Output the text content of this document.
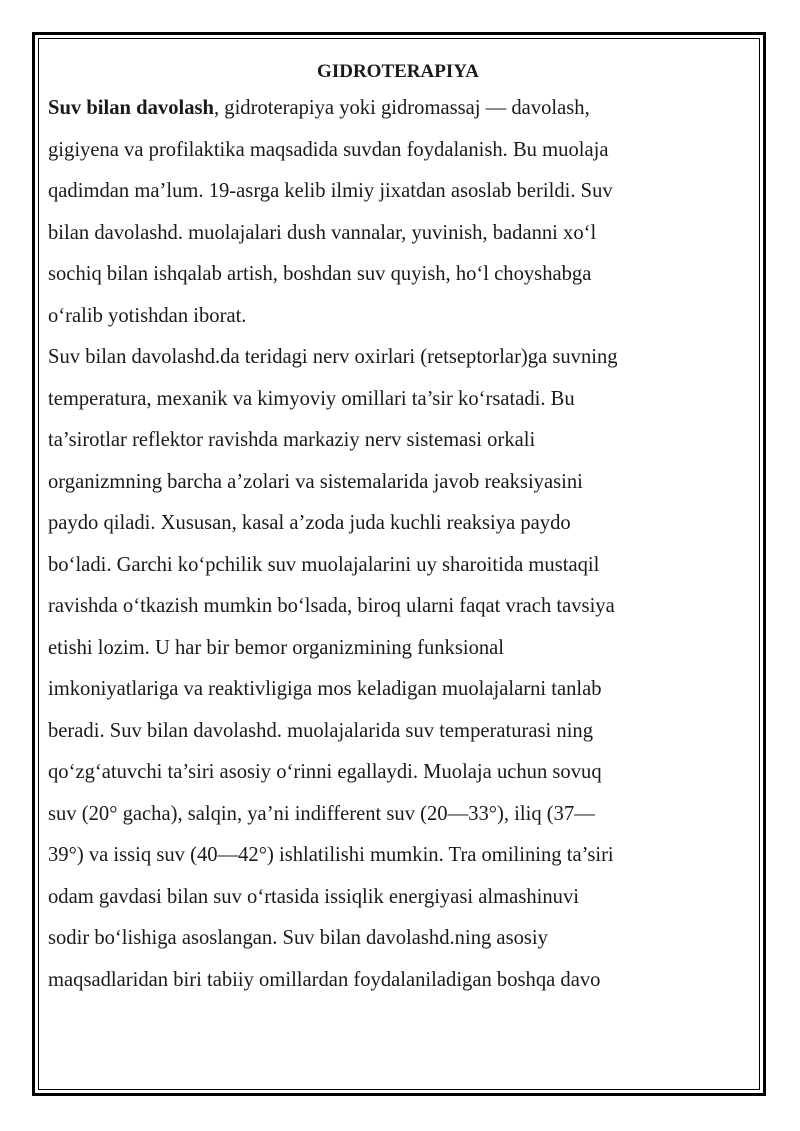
GIDROTERAPIYA

Suv bilan davolash, gidroterapiya yoki gidromassaj — davolash,
gigiyena va profilaktika maqsadida suvdan foydalanish. Bu muolaja
qadimdan ma’lum. 19-asrga kelib ilmiy jixatdan asoslab berildi. Suv
bilan davolashd. muolajalari dush vannalar, yuvinish, badanni xo‘l
sochiq bilan ishqalab artish, boshdan suv quyish, ho‘l choyshabga
o‘ralib yotishdan iborat.

Suv bilan davolashd.da teridagi nerv oxirlari (retseptorlar)ga suvning
temperatura, mexanik va kimyoviy omillari ta’sir ko‘rsatadi. Bu
ta’sirotlar reflektor ravishda markaziy nerv sistemasi orkali
organizmning barcha a’zolari va sistemalarida javob reaksiyasini
paydo qiladi. Xususan, kasal a’zoda juda kuchli reaksiya paydo
bo‘ladi. Garchi ko‘pchilik suv muolajalarini uy sharoitida mustaqil
ravishda o‘tkazish mumkin bo‘lsada, biroq ularni faqat vrach tavsiya
etishi lozim. U har bir bemor organizmining funksional
imkoniyatlariga va reaktivligiga mos keladigan muolajalarni tanlab
beradi. Suv bilan davolashd. muolajalarida suv temperaturasi ning
qo‘zg‘atuvchi ta’siri asosiy o‘rinni egallaydi. Muolaja uchun sovuq
suv (20° gacha), salqin, ya’ni indifferent suv (20—33°), iliq (37—
39°) va issiq suv (40—42°) ishlatilishi mumkin. Tra omilining ta’siri
odam gavdasi bilan suv o‘rtasida issiqlik energiyasi almashinuvi
sodir bo‘lishiga asoslangan. Suv bilan davolashd.ning asosiy
maqsadlaridan biri tabiiy omillardan foydalaniladigan boshqa davo
